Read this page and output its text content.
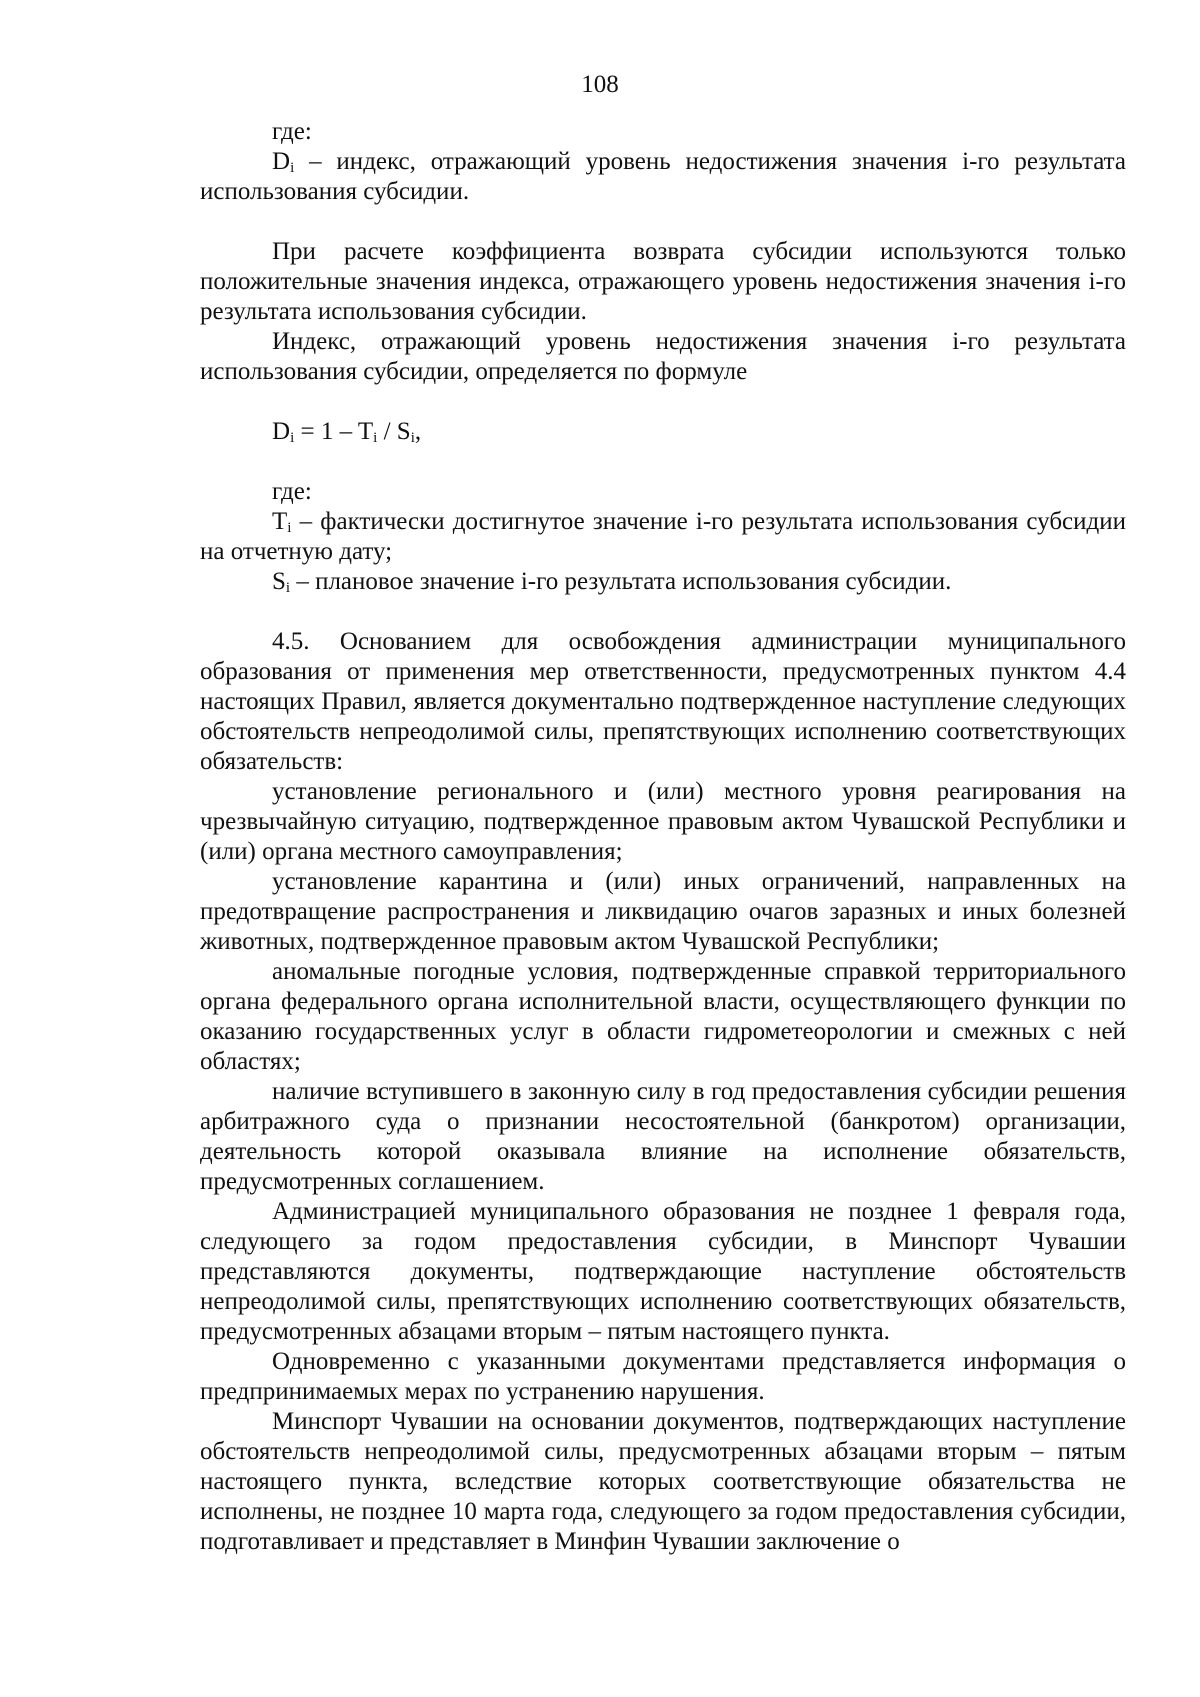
108

где:

$D_i$ – индекс, отражающий уровень недостижения значения i-го результата использования субсидии.

При расчете коэффициента возврата субсидии используются только положительные значения индекса, отражающего уровень недостижения значения i-го результата использования субсидии.

Индекс, отражающий уровень недостижения значения i-го результата использования субсидии, определяется по формуле

$D_i = 1 - T_i / S_i$,

где:

$T_i$ – фактически достигнутое значение i-го результата использования субсидии на отчетную дату;

$S_i$ – плановое значение i-го результата использования субсидии.

4.5. Основанием для освобождения администрации муниципального образования от применения мер ответственности, предусмотренных пунктом 4.4 настоящих Правил, является документально подтвержденное наступление следующих обстоятельств непреодолимой силы, препятствующих исполнению соответствующих обязательств:

установление регионального и (или) местного уровня реагирования на чрезвычайную ситуацию, подтвержденное правовым актом Чувашской Республики и (или) органа местного самоуправления;

установление карантина и (или) иных ограничений, направленных на предотвращение распространения и ликвидацию очагов заразных и иных болезней животных, подтвержденное правовым актом Чувашской Республики;

аномальные погодные условия, подтвержденные справкой территориального органа федерального органа исполнительной власти, осуществляющего функции по оказанию государственных услуг в области гидрометеорологии и смежных с ней областях;

наличие вступившего в законную силу в год предоставления субсидии решения арбитражного суда о признании несостоятельной (банкротом) организации, деятельность которой оказывала влияние на исполнение обязательств, предусмотренных соглашением.

Администрацией муниципального образования не позднее 1 февраля года, следующего за годом предоставления субсидии, в Минспорт Чувашии представляются документы, подтверждающие наступление обстоятельств непреодолимой силы, препятствующих исполнению соответствующих обязательств, предусмотренных абзацами вторым – пятым настоящего пункта.

Одновременно с указанными документами представляется информация о предпринимаемых мерах по устранению нарушения.

Минспорт Чувашии на основании документов, подтверждающих наступление обстоятельств непреодолимой силы, предусмотренных абзацами вторым – пятым настоящего пункта, вследствие которых соответствующие обязательства не исполнены, не позднее 10 марта года, следующего за годом предоставления субсидии, подготавливает и представляет в Минфин Чувашии заключение о
